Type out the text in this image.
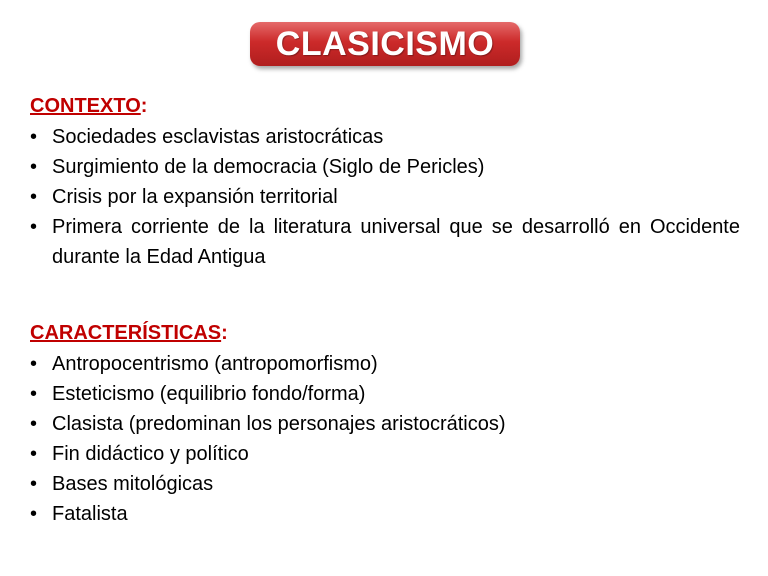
CLASICISMO
CONTEXTO:
• Sociedades esclavistas aristocráticas
• Surgimiento de la democracia (Siglo de Pericles)
• Crisis por la expansión territorial
• Primera corriente de la literatura universal que se desarrolló en Occidente durante la Edad Antigua
CARACTERÍSTICAS:
• Antropocentrismo (antropomorfismo)
• Esteticismo (equilibrio fondo/forma)
• Clasista (predominan los personajes aristocráticos)
• Fin didáctico y político
• Bases mitológicas
• Fatalista
